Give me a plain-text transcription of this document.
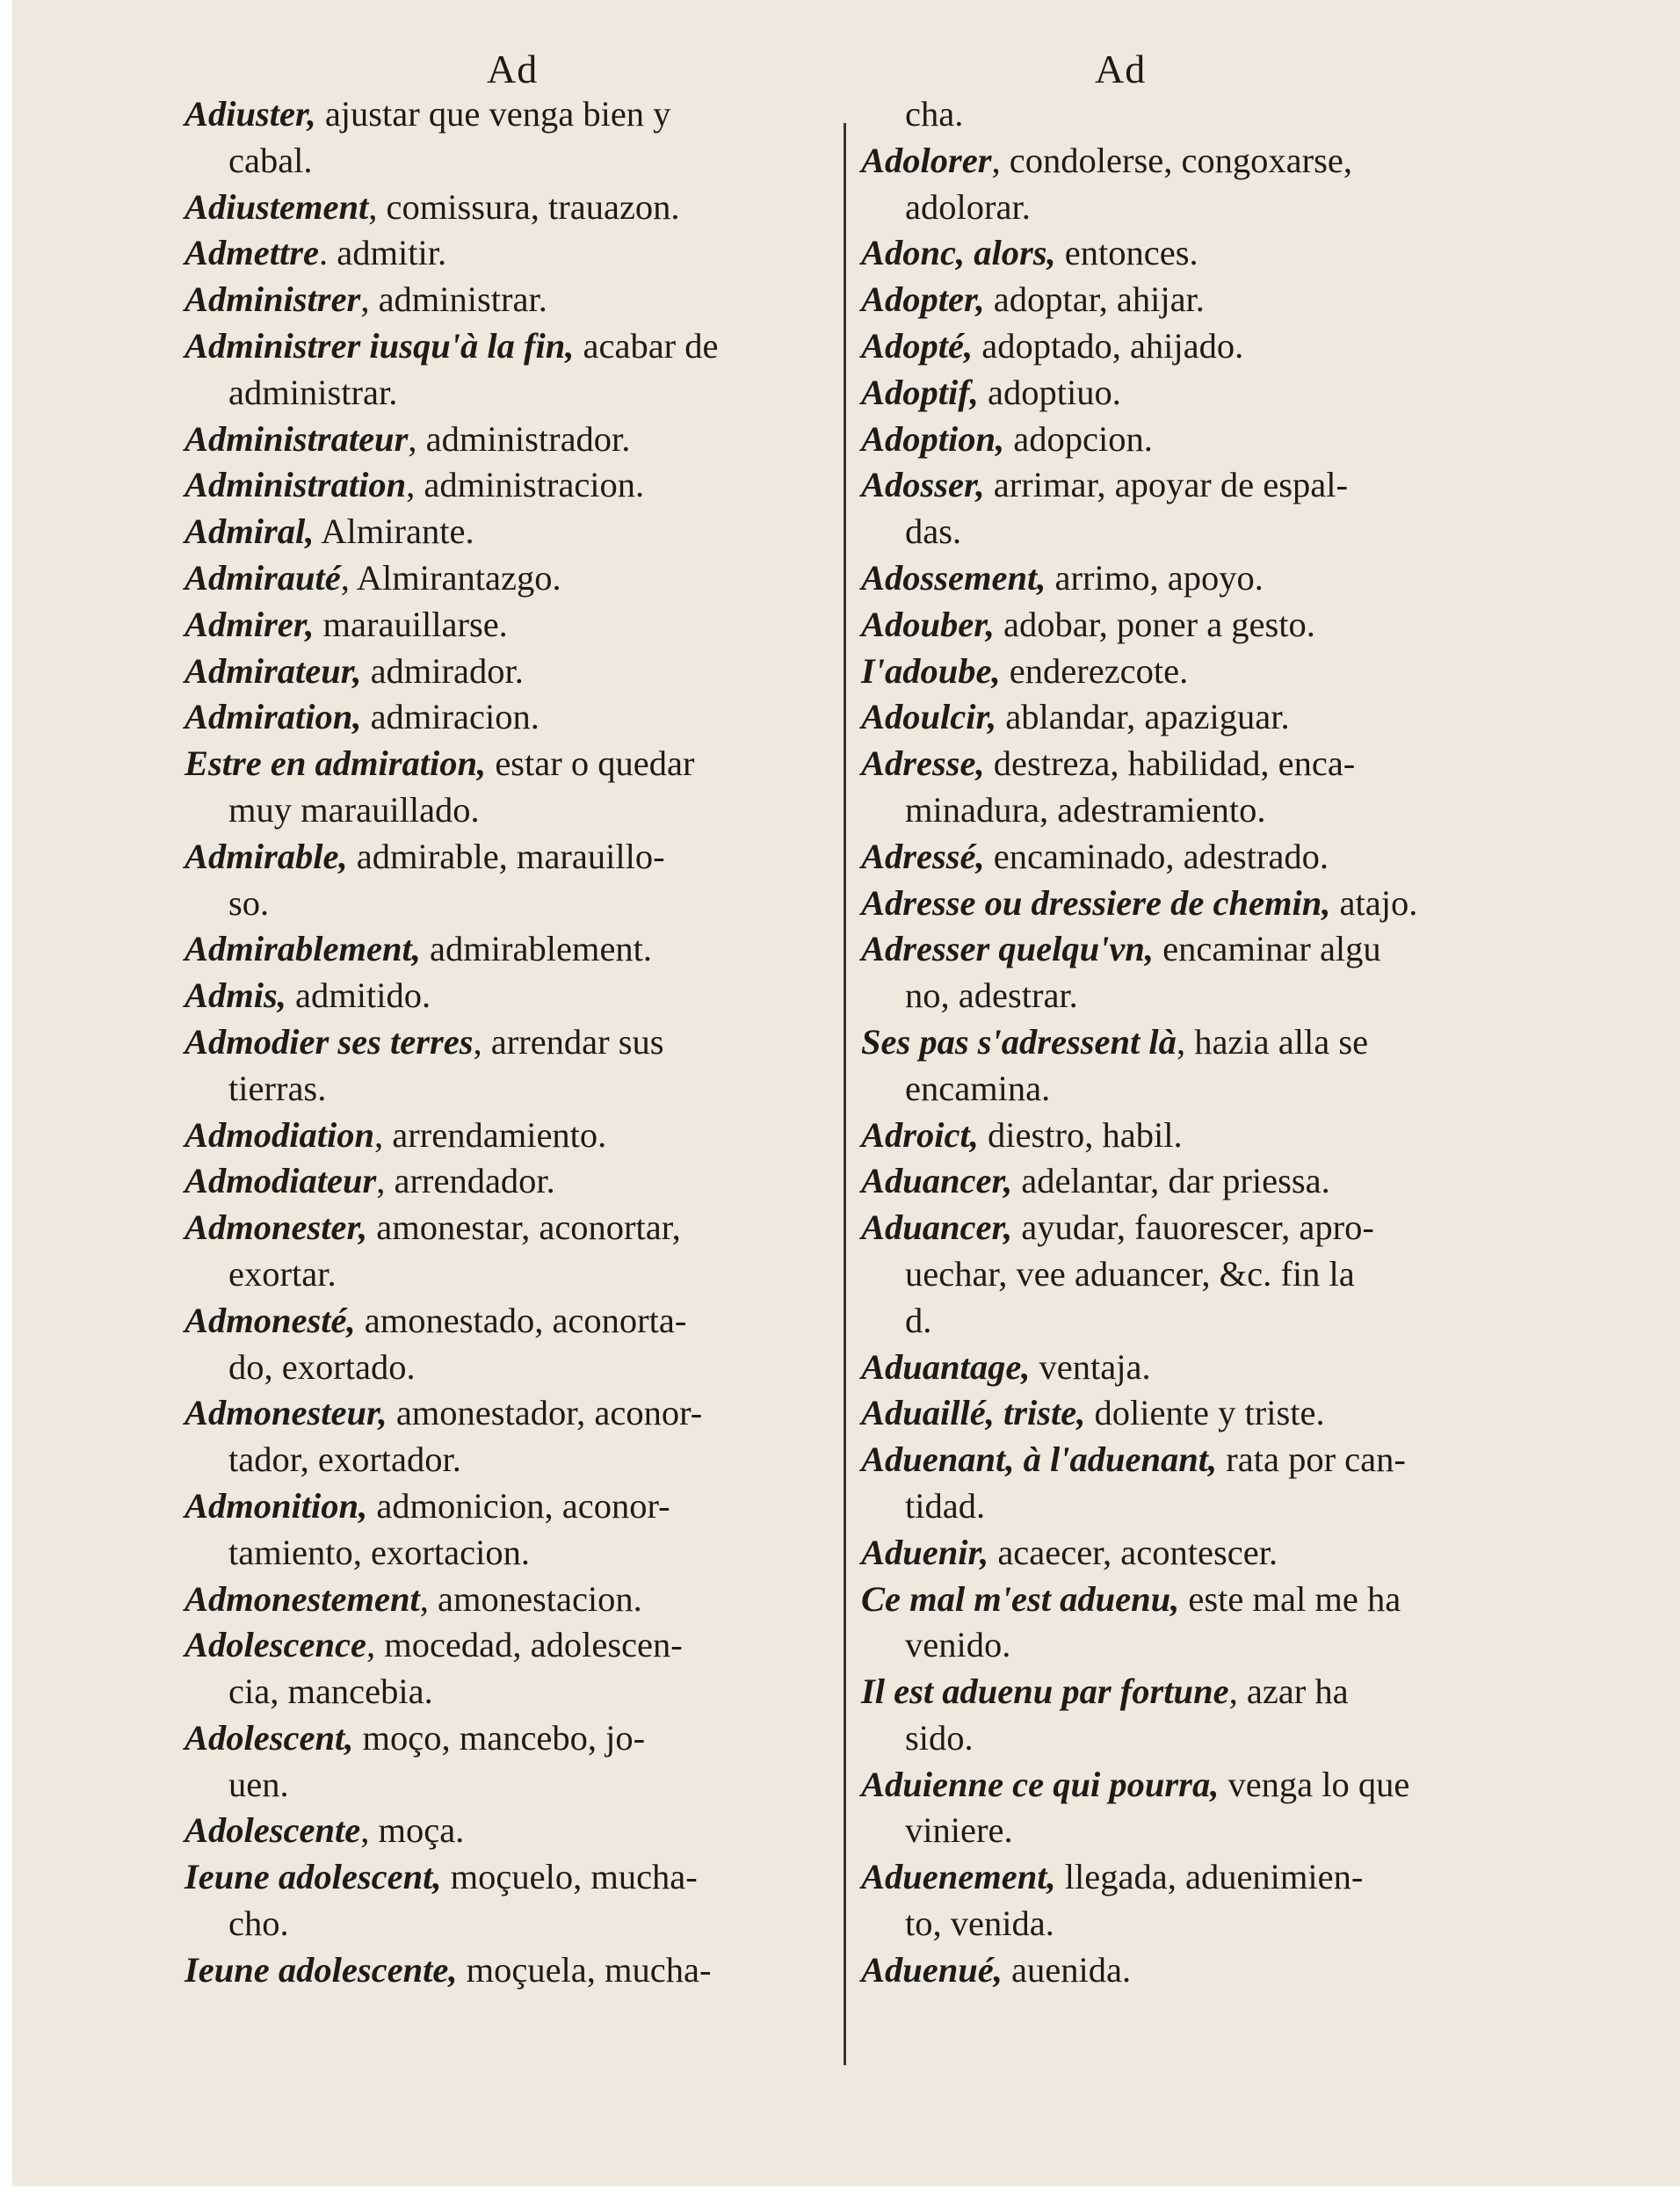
Ad	Ad
Adiuster, ajustar que venga bien y
cabal.
Adiustement, comissura, trauazon.
Admettre. admitir.
Administrer, administrar.
Administrer iusqu'à la fin, acabar de
administrar.
Administrateur, administrador.
Administration, administracion.
Admiral, Almirante.
Admirauté, Almirantazgo.
Admirer, marauillarse.
Admirateur, admirador.
Admiration, admiracion.
Estre en admiration, estar o quedar
muy marauillado.
Admirable, admirable, marauillo-
so.
Admirablement, admirablement.
Admis, admitido.
Admodier ses terres, arrendar sus
tierras.
Admodiation, arrendamiento.
Admodiateur, arrendador.
Admonester, amonestar, aconortar,
exortar.
Admonesté, amonestado, aconorta-
do, exortado.
Admonesteur, amonestador, aconor-
tador, exortador.
Admonition, admonicion, aconor-
tamiento, exortacion.
Admonestement, amonestacion.
Adolescence, mocedad, adolescen-
cia, mancebia.
Adolescent, moço, mancebo, jo-
uen.
Adolescente, moça.
Ieune adolescent, moçuelo, mucha-
cho.
Ieune adolescente, moçuela, mucha-
cha.
Adolorer, condolerse, congoxarse,
adolorar.
Adonc, alors, entonces.
Adopter, adoptar, ahijar.
Adopté, adoptado, ahijado.
Adoptif, adoptiuo.
Adoption, adopcion.
Adosser, arrimar, apoyar de espal-
das.
Adossement, arrimo, apoyo.
Adouber, adobar, poner a gesto.
I'adoube, enderezcote.
Adoulcir, ablandar, apaziguar.
Adresse, destreza, habilidad, enca-
minadura, adestramiento.
Adressé, encaminado, adestrado.
Adresse ou dressiere de chemin, atajo.
Adresser quelqu'vn, encaminar algu
no, adestrar.
Ses pas s'adressent là, hazia alla se
encamina.
Adroict, diestro, habil.
Aduancer, adelantar, dar priessa.
Aduancer, ayudar, fauorescer, apro-
uechar, vee aduancer, &c. fin la
d.
Aduantage, ventaja.
Aduaillé, triste, doliente y triste.
Aduenant, à l'aduenant, rata por can-
tidad.
Aduenir, acaecer, acontescer.
Ce mal m'est aduenu, este mal me ha
venido.
Il est aduenu par fortune, azar ha
sido.
Aduienne ce qui pourra, venga lo que
viniere.
Aduenement, llegada, aduenimien-
to, venida.
Aduenué, auenida.
